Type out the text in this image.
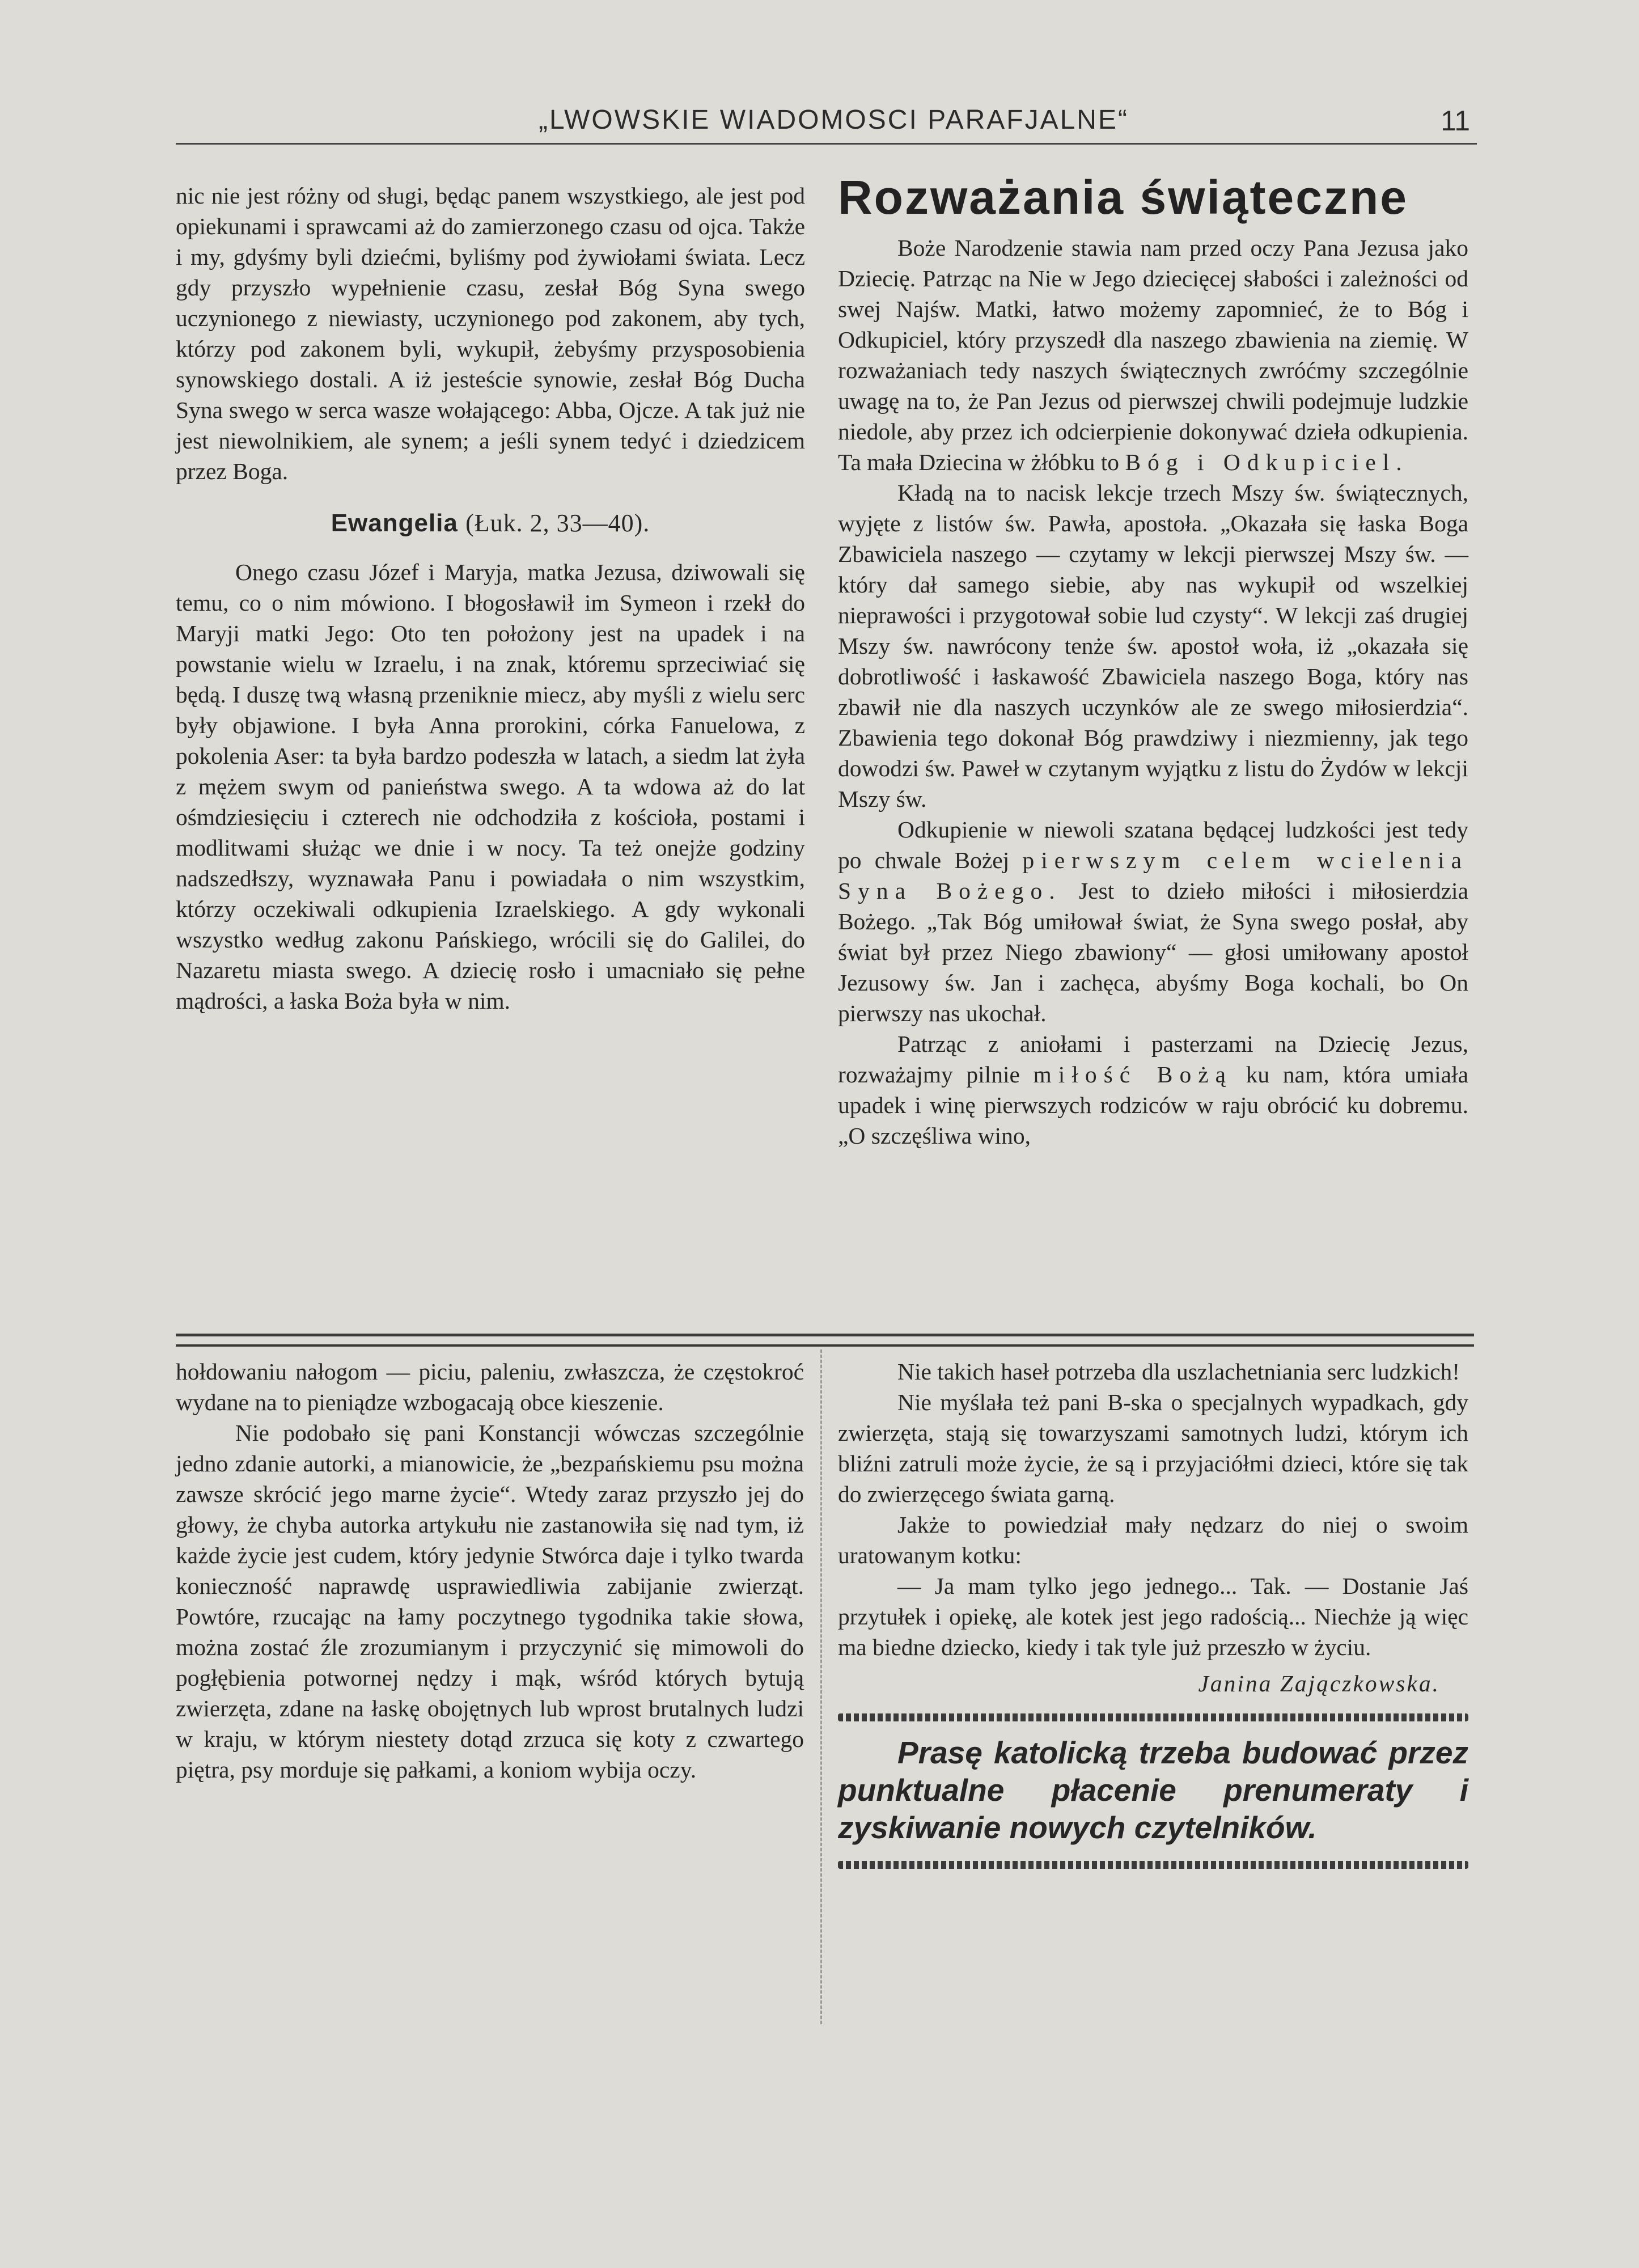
„LWOWSKIE WIADOMOSCI PARAFJALNE“	11

nic nie jest różny od sługi, będąc panem wszystkiego, ale jest pod opiekunami i sprawcami aż do zamierzonego czasu od ojca. Także i my, gdyśmy byli dziećmi, byliśmy pod żywiołami świata. Lecz gdy przyszło wypełnienie czasu, zesłał Bóg Syna swego uczynionego z niewiasty, uczynionego pod zakonem, aby tych, którzy pod zakonem byli, wykupił, żebyśmy przysposobienia synowskiego dostali. A iż jesteście synowie, zesłał Bóg Ducha Syna swego w serca wasze wołającego: Abba, Ojcze. A tak już nie jest niewolnikiem, ale synem; a jeśli synem tedyć i dziedzicem przez Boga.

Ewangelia (Łuk. 2, 33—40).

Onego czasu Józef i Maryja, matka Jezusa, dziwowali się temu, co o nim mówiono. I błogosławił im Symeon i rzekł do Maryji matki Jego: Oto ten położony jest na upadek i na powstanie wielu w Izraelu, i na znak, któremu sprzeciwiać się będą. I duszę twą własną przeniknie miecz, aby myśli z wielu serc były objawione. I była Anna prorokini, córka Fanuelowa, z pokolenia Aser: ta była bardzo podeszła w latach, a siedm lat żyła z mężem swym od panieństwa swego. A ta wdowa aż do lat ośmdziesięciu i czterech nie odchodziła z kościoła, postami i modlitwami służąc we dnie i w nocy. Ta też onejże godziny nadszedłszy, wyznawała Panu i powiadała o nim wszystkim, którzy oczekiwali odkupienia Izraelskiego. A gdy wykonali wszystko według zakonu Pańskiego, wrócili się do Galilei, do Nazaretu miasta swego. A dziecię rosło i umacniało się pełne mądrości, a łaska Boża była w nim.

Rozważania świąteczne

Boże Narodzenie stawia nam przed oczy Pana Jezusa jako Dziecię. Patrząc na Nie w Jego dziecięcej słabości i zależności od swej Najśw. Matki, łatwo możemy zapomnieć, że to Bóg i Odkupiciel, który przyszedł dla naszego zbawienia na ziemię. W rozważaniach tedy naszych świątecznych zwróćmy szczególnie uwagę na to, że Pan Jezus od pierwszej chwili podejmuje ludzkie niedole, aby przez ich odcierpienie dokonywać dzieła odkupienia. Ta mała Dziecina w żłóbku to Bóg i Odkupiciel.

Kładą na to nacisk lekcje trzech Mszy św. świątecznych, wyjęte z listów św. Pawła, apostoła. „Okazała się łaska Boga Zbawiciela naszego — czytamy w lekcji pierwszej Mszy św. — który dał samego siebie, aby nas wykupił od wszelkiej nieprawości i przygotował sobie lud czysty“. W lekcji zaś drugiej Mszy św. nawrócony tenże św. apostoł woła, iż „okazała się dobrotliwość i łaskawość Zbawiciela naszego Boga, który nas zbawił nie dla naszych uczynków ale ze swego miłosierdzia“. Zbawienia tego dokonał Bóg prawdziwy i niezmienny, jak tego dowodzi św. Paweł w czytanym wyjątku z listu do Żydów w lekcji Mszy św.

Odkupienie w niewoli szatana będącej ludzkości jest tedy po chwale Bożej pierwszym celem wcielenia Syna Bożego. Jest to dzieło miłości i miłosierdzia Bożego. „Tak Bóg umiłował świat, że Syna swego posłał, aby świat był przez Niego zbawiony“ — głosi umiłowany apostoł Jezusowy św. Jan i zachęca, abyśmy Boga kochali, bo On pierwszy nas ukochał.

Patrząc z aniołami i pasterzami na Dziecię Jezus, rozważajmy pilnie miłość Bożą ku nam, która umiała upadek i winę pierwszych rodziców w raju obrócić ku dobremu. „O szczęśliwa wino,

hołdowaniu nałogom — piciu, paleniu, zwłaszcza, że częstokroć wydane na to pieniądze wzbogacają obce kieszenie.

Nie podobało się pani Konstancji wówczas szczególnie jedno zdanie autorki, a mianowicie, że „bezpańskiemu psu można zawsze skrócić jego marne życie“. Wtedy zaraz przyszło jej do głowy, że chyba autorka artykułu nie zastanowiła się nad tym, iż każde życie jest cudem, który jedynie Stwórca daje i tylko twarda konieczność naprawdę usprawiedliwia zabijanie zwierząt. Powtóre, rzucając na łamy poczytnego tygodnika takie słowa, można zostać źle zrozumianym i przyczynić się mimowoli do pogłębienia potwornej nędzy i mąk, wśród których bytują zwierzęta, zdane na łaskę obojętnych lub wprost brutalnych ludzi w kraju, w którym niestety dotąd zrzuca się koty z czwartego piętra, psy morduje się pałkami, a koniom wybija oczy.

Nie takich haseł potrzeba dla uszlachetniania serc ludzkich!

Nie myślała też pani B-ska o specjalnych wypadkach, gdy zwierzęta, stają się towarzyszami samotnych ludzi, którym ich bliźni zatruli może życie, że są i przyjaciółmi dzieci, które się tak do zwierzęcego świata garną.

Jakże to powiedział mały nędzarz do niej o swoim uratowanym kotku:

— Ja mam tylko jego jednego... Tak. — Dostanie Jaś przytułek i opiekę, ale kotek jest jego radością... Niechże ją więc ma biedne dziecko, kiedy i tak tyle już przeszło w życiu.

Janina Zajączkowska.

Prasę katolicką trzeba budować przez punktualne płacenie prenumeraty i zyskiwanie nowych czytelników.
